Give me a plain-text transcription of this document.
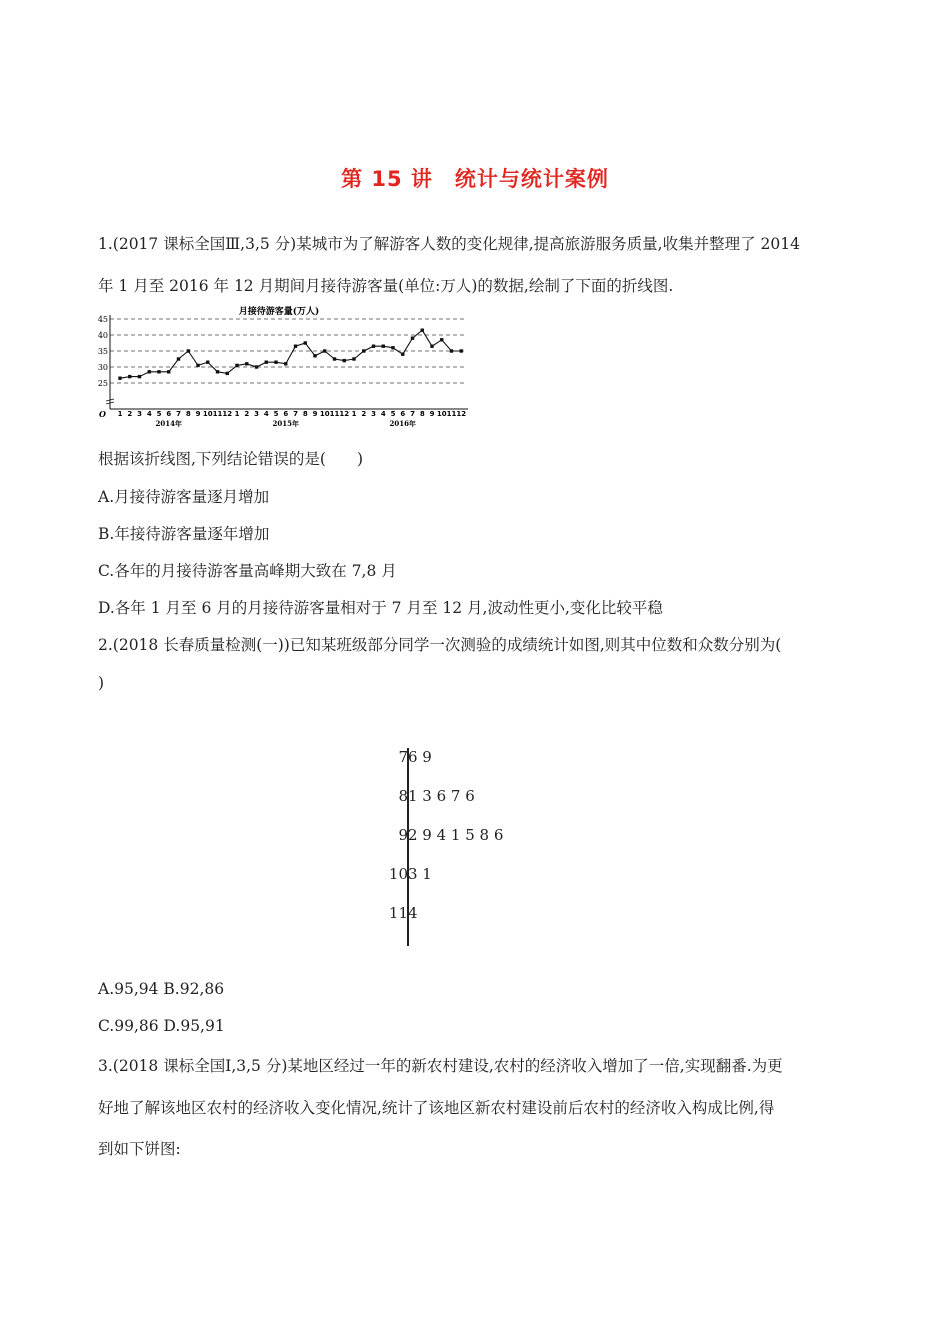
第 15 讲　统计与统计案例
1.(2017 课标全国Ⅲ,3,5 分)某城市为了解游客人数的变化规律,提高旅游服务质量,收集并整理了 2014
年 1 月至 2016 年 12 月期间月接待游客量(单位:万人)的数据,绘制了下面的折线图.
月接待游客量(万人)
45
40
35
30
25
O 1 2 3 4 5 6 7 8 9 10 11 12 1 2 3 4 5 6 7 8 9 10 11 12 1 2 3 4 5 6 7 8 9 10 11 12
2014年	2015年	2016年
根据该折线图,下列结论错误的是(　　)
A.月接待游客量逐月增加
B.年接待游客量逐年增加
C.各年的月接待游客量高峰期大致在 7,8 月
D.各年 1 月至 6 月的月接待游客量相对于 7 月至 12 月,波动性更小,变化比较平稳
2.(2018 长春质量检测(一))已知某班级部分同学一次测验的成绩统计如图,则其中位数和众数分别为(
)
7 6 9
8 1 3 6 7 6
9 2 9 4 1 5 8 6
10 3 1
11 4
A.95,94 B.92,86
C.99,86 D.95,91
3.(2018 课标全国Ⅰ,3,5 分)某地区经过一年的新农村建设,农村的经济收入增加了一倍,实现翻番.为更
好地了解该地区农村的经济收入变化情况,统计了该地区新农村建设前后农村的经济收入构成比例,得
到如下饼图:
